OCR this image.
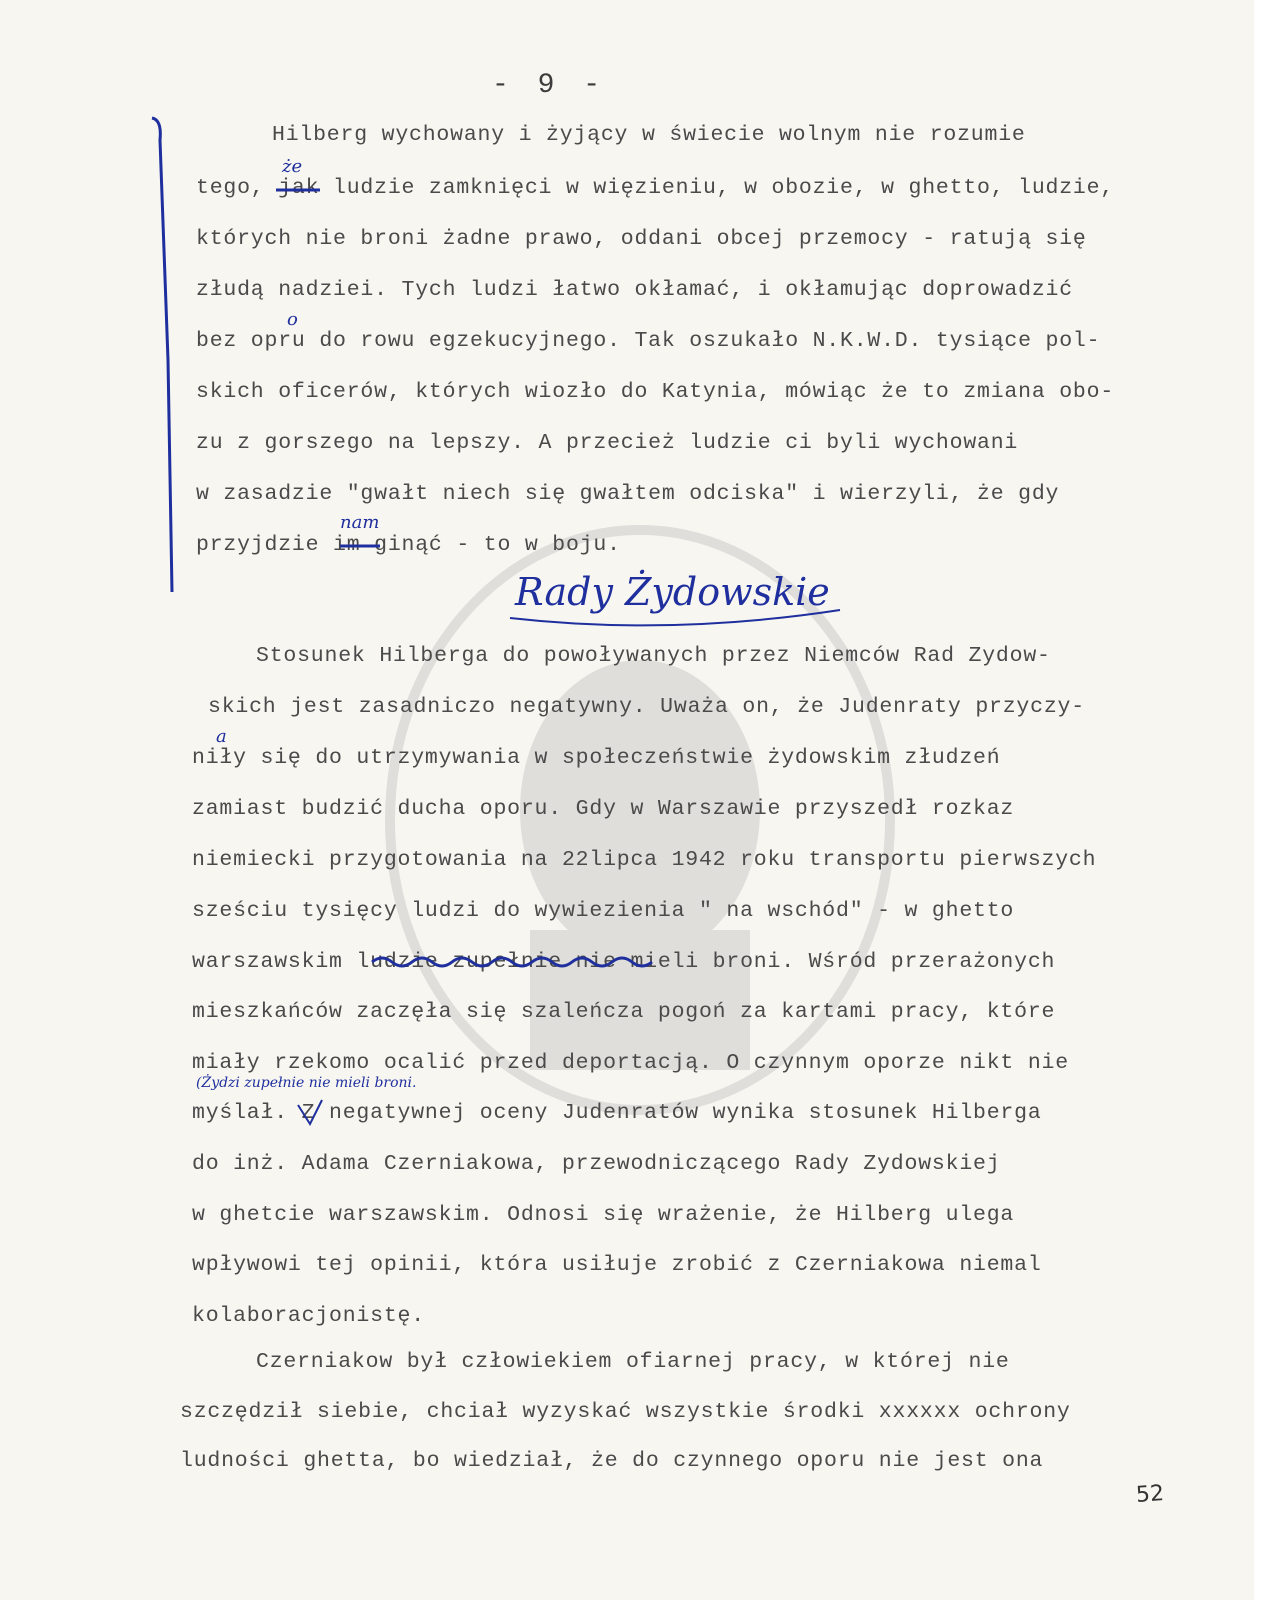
- 9 -
Hilberg wychowany i żyjący w świecie wolnym nie rozumie
tego, jak ludzie zamknięci w więzieniu, w obozie, w ghetto, ludzie,
których nie broni żadne prawo, oddani obcej przemocy - ratują się
złudą nadziei. Tych ludzi łatwo okłamać, i okłamując doprowadzić
bez opru do rowu egzekucyjnego. Tak oszukało N.K.W.D. tysiące pol-
skich oficerów, których wiozło do Katynia, mówiąc że to zmiana obo-
zu z gorszego na lepszy. A przecież ludzie ci byli wychowani
w zasadzie "gwałt niech się gwałtem odciska" i wierzyli, że gdy
przyjdzie im ginąć - to w boju.
Rady Żydowskie
Stosunek Hilberga do powoływanych przez Niemców Rad Zydow-
skich jest zasadniczo negatywny. Uważa on, że Judenraty przyczy-
niły się do utrzymywania w społeczeństwie żydowskim złudzeń
zamiast budzić ducha oporu. Gdy w Warszawie przyszedł rozkaz
niemiecki przygotowania na 22lipca 1942 roku transportu pierwszych
sześciu tysięcy ludzi do wywiezienia " na wschód" - w ghetto
warszawskim ludzie zupełnie nie mieli broni. Wśród przerażonych
mieszkańców zaczęła się szaleńcza pogoń za kartami pracy, które
miały rzekomo ocalić przed deportacją. O czynnym oporze nikt nie
myślał. Z negatywnej oceny Judenratów wynika stosunek Hilberga
do inż. Adama Czerniakowa, przewodniczącego Rady Zydowskiej
w ghetcie warszawskim. Odnosi się wrażenie, że Hilberg ulega
wpływowi tej opinii, która usiłuje zrobić z Czerniakowa niemal
kolaboracjonistę.
Czerniakow był człowiekiem ofiarnej pracy, w której nie
szczędził siebie, chciał wyzyskać wszystkie środki xxxxxx ochrony
ludności ghetta, bo wiedział, że do czynnego oporu nie jest ona
że
o
nam
a
(Żydzi zupełnie nie mieli broni.
52
